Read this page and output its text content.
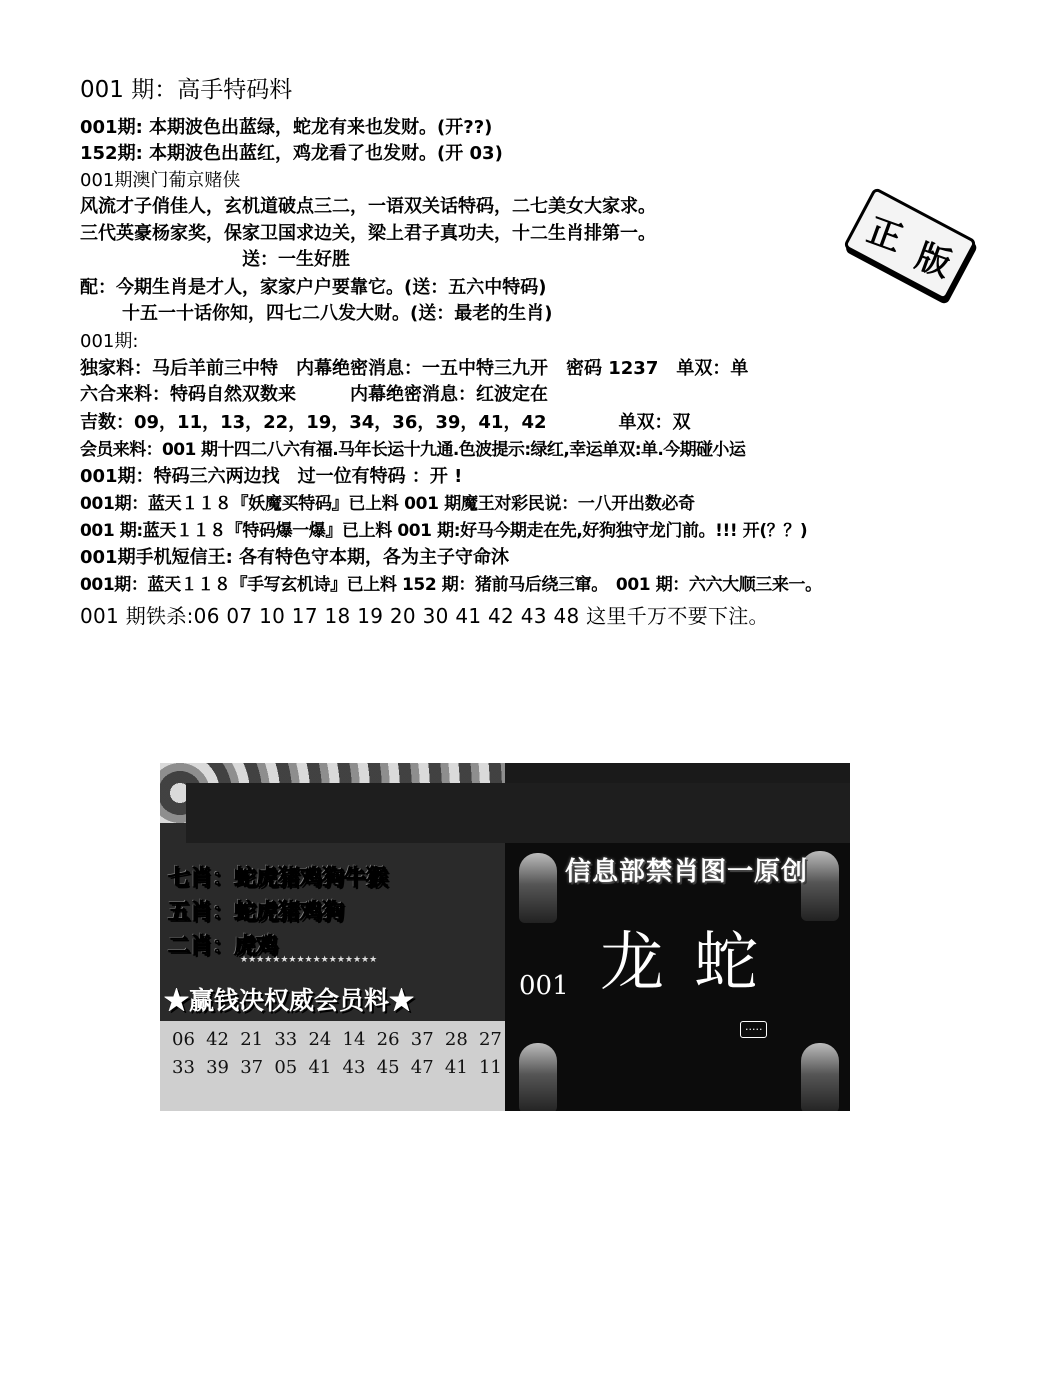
001 期：高手特码料
001期: 本期波色出蓝绿，蛇龙有来也发财。(开??)
152期: 本期波色出蓝红，鸡龙看了也发财。(开 03)
001期澳门葡京赌侠
风流才子俏佳人，玄机道破点三二，一语双关话特码，二七美女大家求。
三代英豪杨家奖，保家卫国求边关，梁上君子真功夫，十二生肖排第一。
送：一生好胜
配：今期生肖是才人，家家户户要靠它。(送：五六中特码)
十五一十话你知，四七二八发大财。(送：最老的生肖)
001期:
独家料：马后羊前三中特　内幕绝密消息：一五中特三九开　密码 1237　单双：单
六合来料：特码自然双数来　　　内幕绝密消息：红波定在
吉数：09，11，13，22，19，34，36，39，41，42　　　　单双：双
会员来料：001 期十四二八六有福.马年长运十九通.色波提示:绿红,幸运单双:单.今期碰小运
001期：特码三六两边找　过一位有特码 ：开 !
001期：蓝天１１８『妖魔买特码』已上料 001 期魔王对彩民说：一八开出数必奇
001 期:蓝天１１８『特码爆一爆』已上料 001 期:好马今期走在先,好狗独守龙门前。!!! 开(？？)
001期手机短信王: 各有特色守本期，各为主子守命沐
001期：蓝天１１８『手写玄机诗』已上料 152 期：猪前马后绕三窜。　001 期：六六大顺三来一。
001 期铁杀:06 07 10 17 18 19 20 30 41 42 43 48 这里千万不要下注。
正
版
七肖：蛇虎猪鸡狗牛猴
五肖：蛇虎猪鸡狗
二肖：虎鸡
★★★★★★★★★★★★★★★★★
★赢钱决权威会员料★
06 42 21 33 24 14 26 37 28 27
33 39 37 05 41 43 45 47 41 11
信息部禁肖图一原创
龙蛇
001
·····
